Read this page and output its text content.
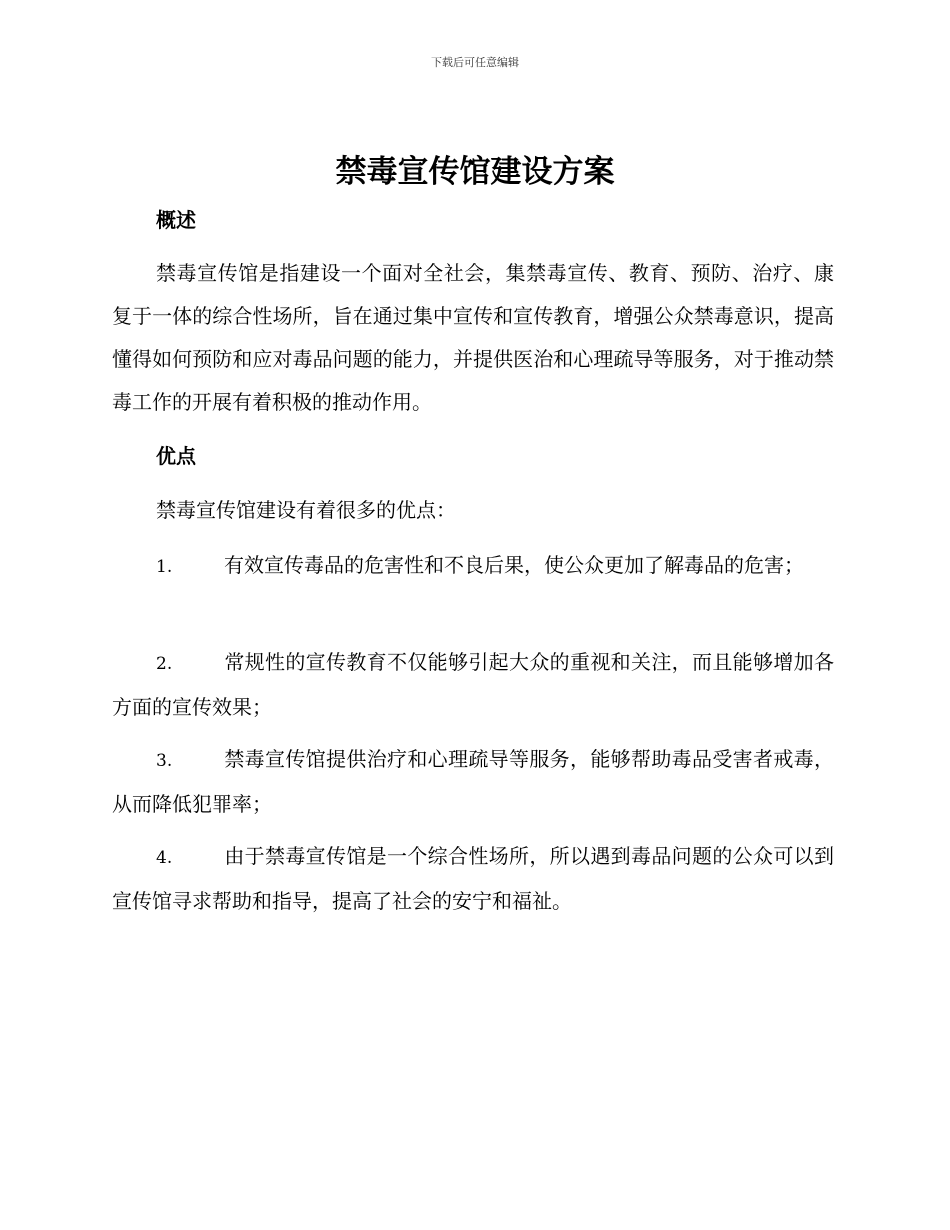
下载后可任意编辑
禁毒宣传馆建设方案
概述

禁毒宣传馆是指建设一个面对全社会，集禁毒宣传、教育、预防、治疗、康复于一体的综合性场所，旨在通过集中宣传和宣传教育，增强公众禁毒意识，提高懂得如何预防和应对毒品问题的能力，并提供医治和心理疏导等服务，对于推动禁毒工作的开展有着积极的推动作用。

优点

禁毒宣传馆建设有着很多的优点：

1.	有效宣传毒品的危害性和不良后果，使公众更加了解毒品的危害；

2.	常规性的宣传教育不仅能够引起大众的重视和关注，而且能够增加各方面的宣传效果；

3.	禁毒宣传馆提供治疗和心理疏导等服务，能够帮助毒品受害者戒毒，从而降低犯罪率；

4.	由于禁毒宣传馆是一个综合性场所，所以遇到毒品问题的公众可以到宣传馆寻求帮助和指导，提高了社会的安宁和福祉。
